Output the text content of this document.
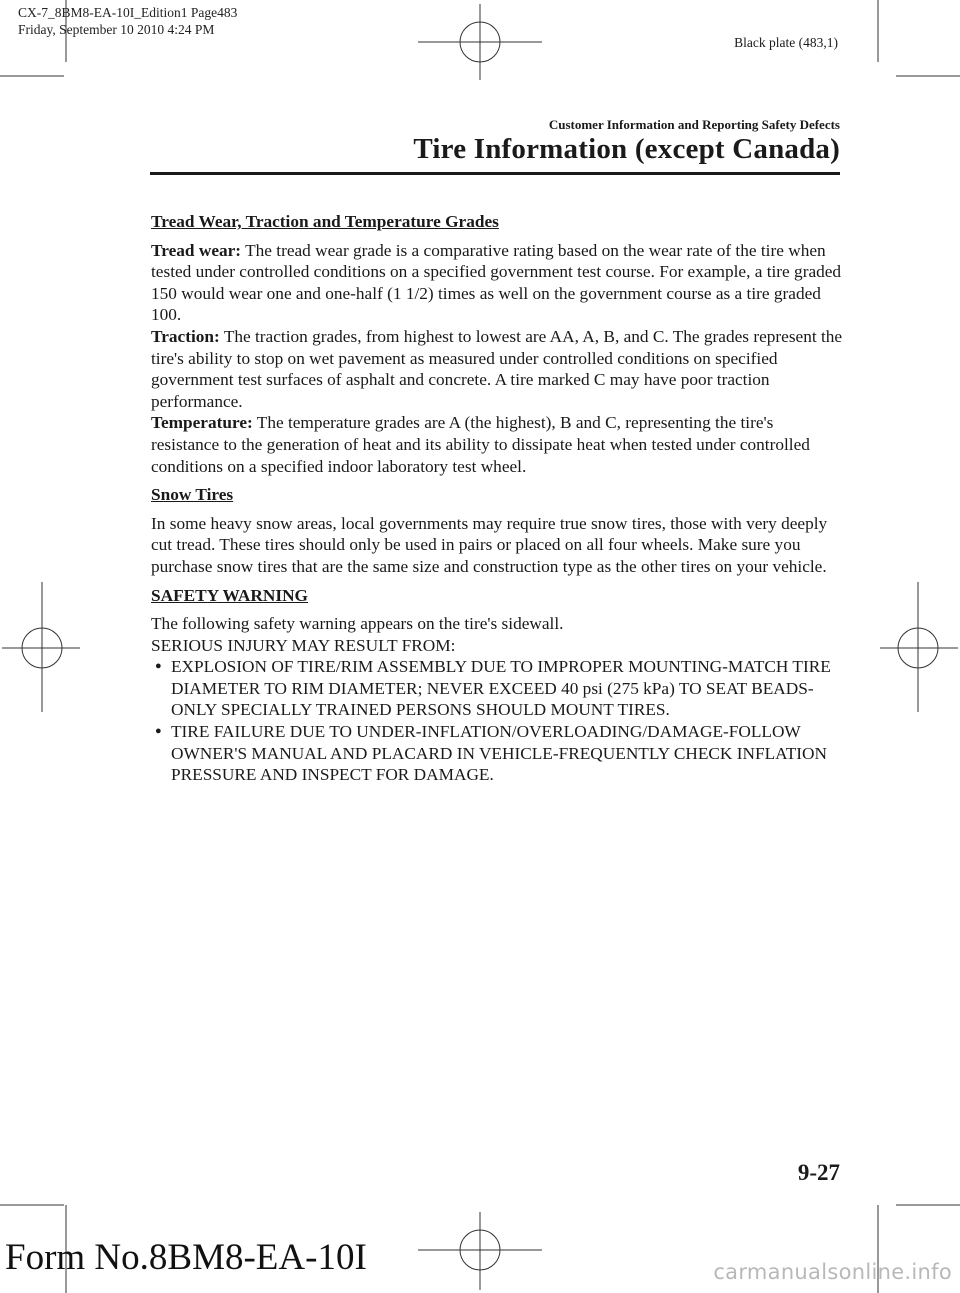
CX-7_8BM8-EA-10I_Edition1 Page483
Friday, September 10 2010 4:24 PM
Black plate (483,1)
Customer Information and Reporting Safety Defects
Tire Information (except Canada)
Tread Wear, Traction and Temperature Grades

Tread wear: The tread wear grade is a comparative rating based on the wear rate of the tire when tested under controlled conditions on a specified government test course. For example, a tire graded 150 would wear one and one-half (1 1/2) times as well on the government course as a tire graded 100.

Traction: The traction grades, from highest to lowest are AA, A, B, and C. The grades represent the tire's ability to stop on wet pavement as measured under controlled conditions on specified government test surfaces of asphalt and concrete. A tire marked C may have poor traction performance.

Temperature: The temperature grades are A (the highest), B and C, representing the tire's resistance to the generation of heat and its ability to dissipate heat when tested under controlled conditions on a specified indoor laboratory test wheel.

Snow Tires

In some heavy snow areas, local governments may require true snow tires, those with very deeply cut tread. These tires should only be used in pairs or placed on all four wheels. Make sure you purchase snow tires that are the same size and construction type as the other tires on your vehicle.

SAFETY WARNING

The following safety warning appears on the tire's sidewall.

SERIOUS INJURY MAY RESULT FROM:

● EXPLOSION OF TIRE/RIM ASSEMBLY DUE TO IMPROPER MOUNTING-MATCH TIRE DIAMETER TO RIM DIAMETER; NEVER EXCEED 40 psi (275 kPa) TO SEAT BEADS-ONLY SPECIALLY TRAINED PERSONS SHOULD MOUNT TIRES.
● TIRE FAILURE DUE TO UNDER-INFLATION/OVERLOADING/DAMAGE-FOLLOW OWNER'S MANUAL AND PLACARD IN VEHICLE-FREQUENTLY CHECK INFLATION PRESSURE AND INSPECT FOR DAMAGE.
9-27
Form No.8BM8-EA-10I	carmanualsonline.info
